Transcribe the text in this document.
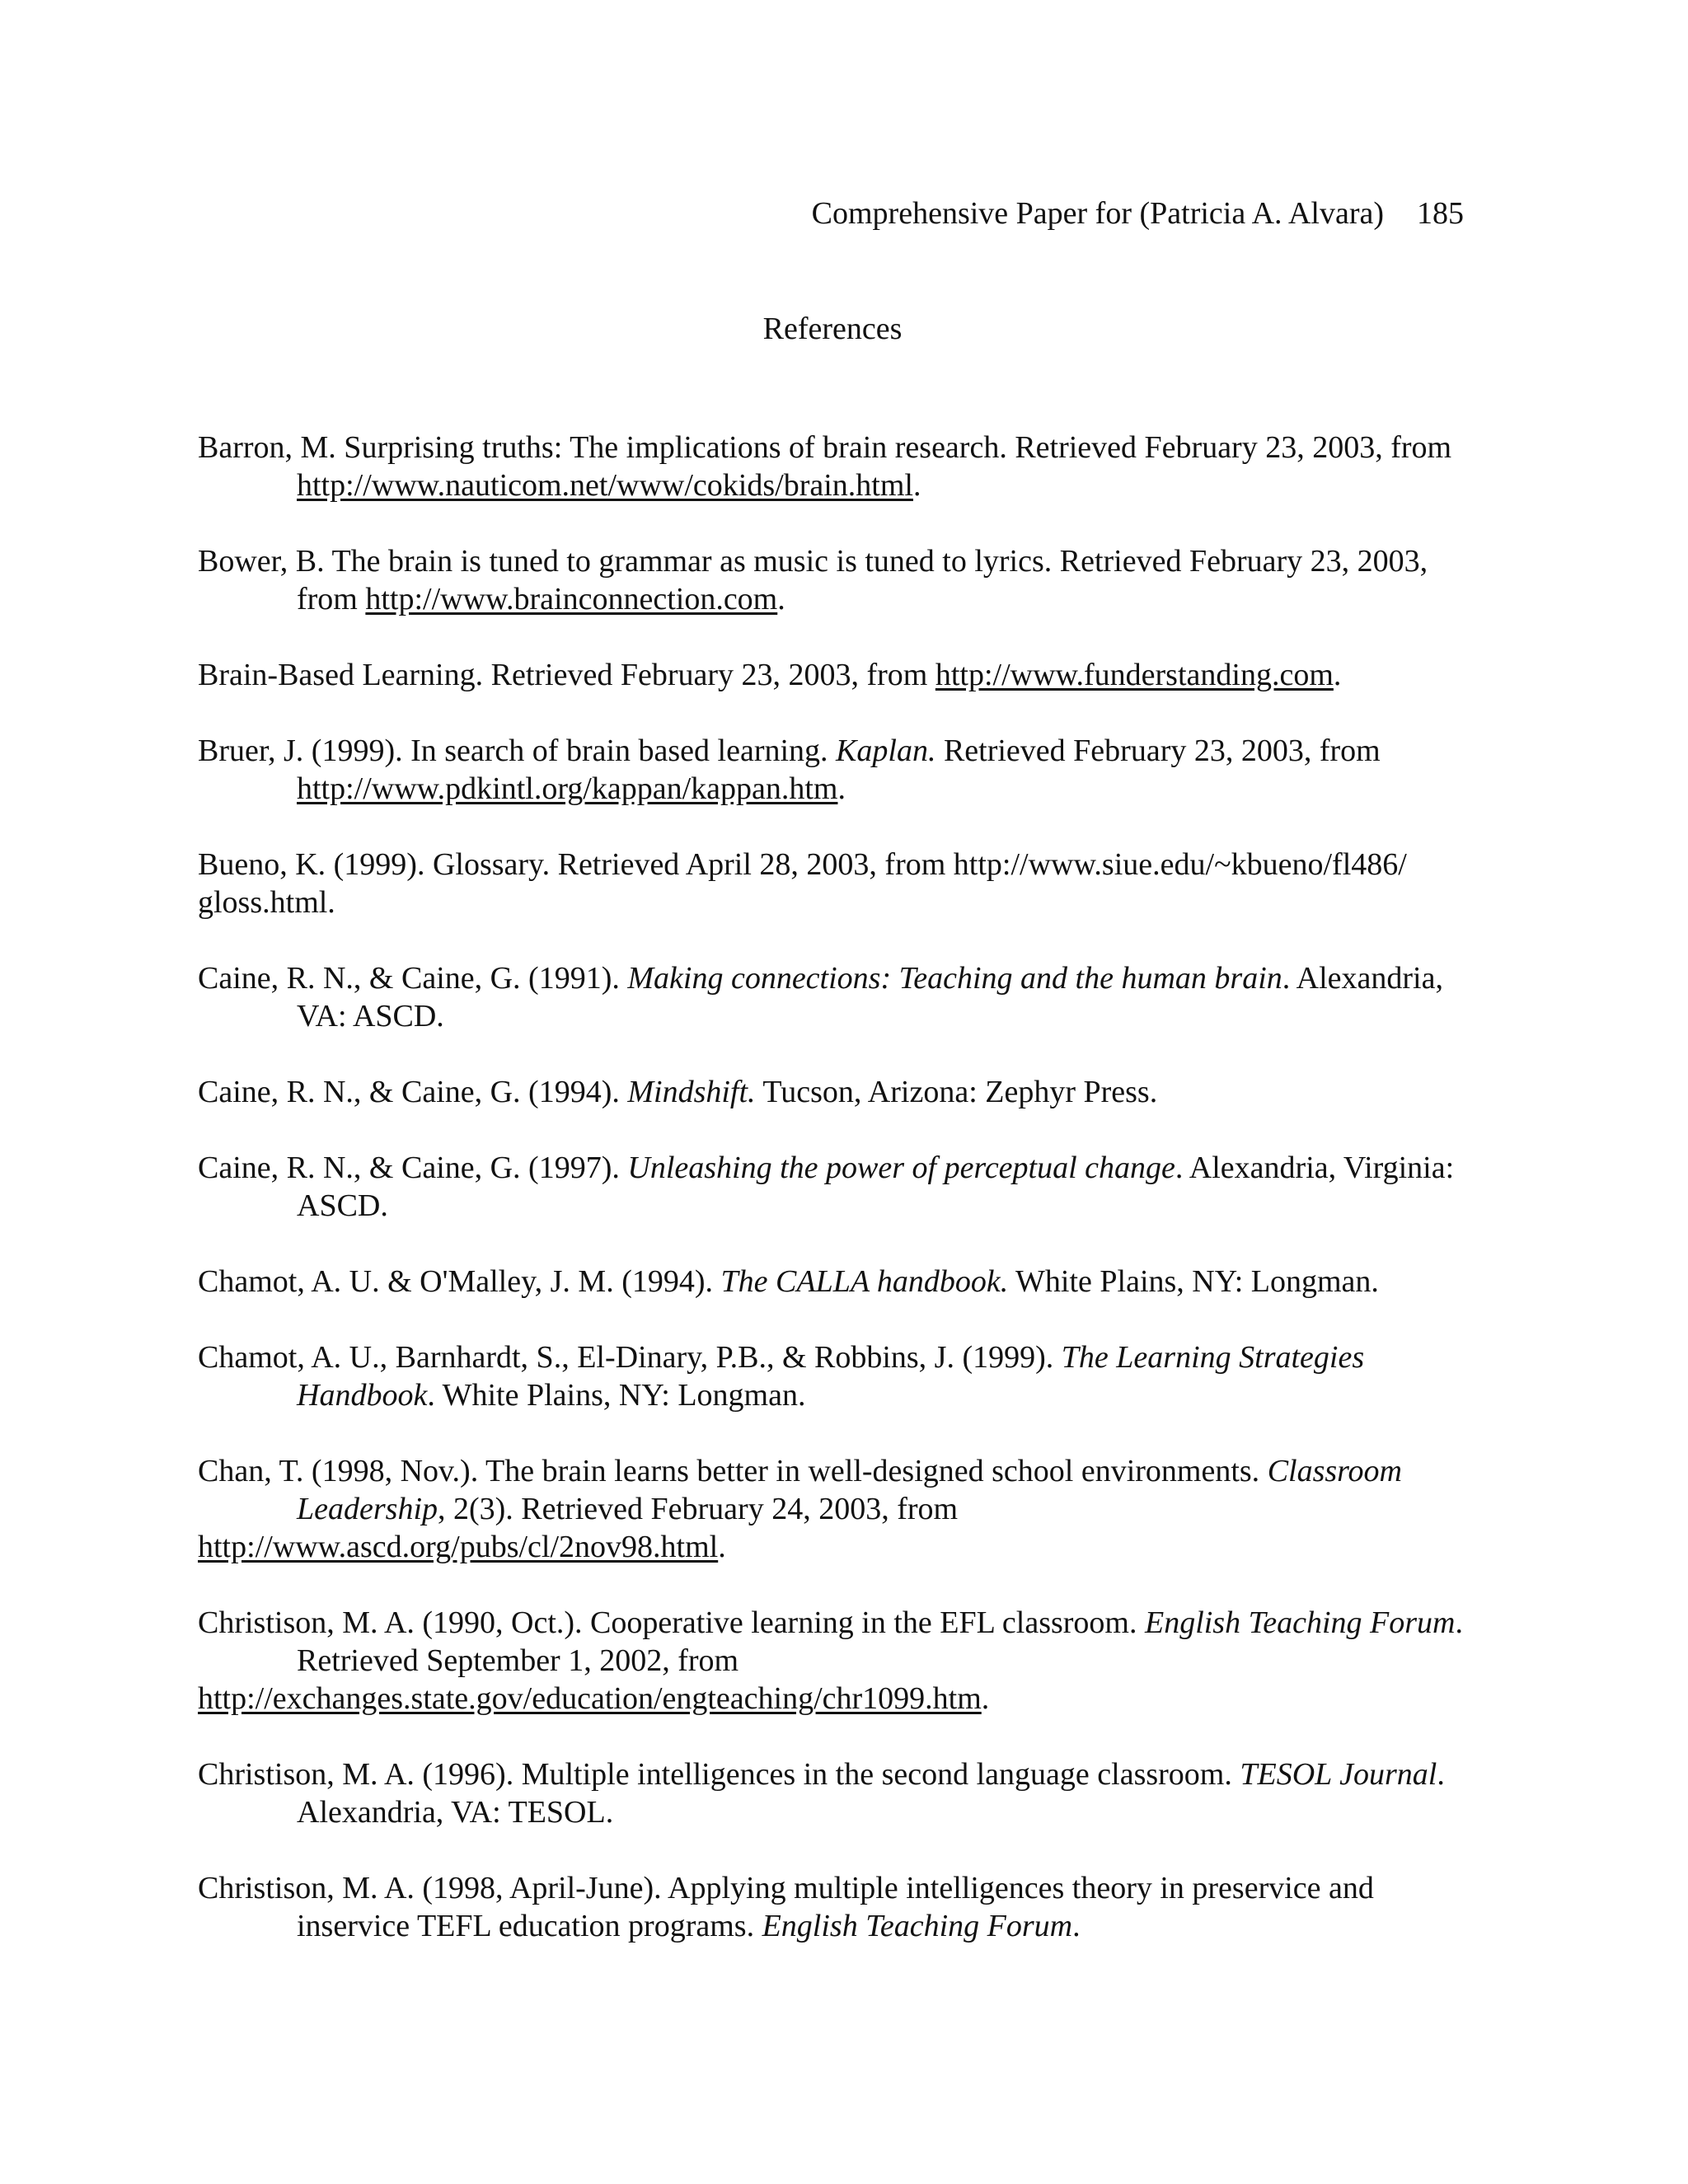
Comprehensive Paper for (Patricia A. Alvara) 185
References

Barron, M. Surprising truths: The implications of brain research. Retrieved February 23, 2003, from http://www.nauticom.net/www/cokids/brain.html.

Bower, B. The brain is tuned to grammar as music is tuned to lyrics. Retrieved February 23, 2003, from http://www.brainconnection.com.

Brain-Based Learning. Retrieved February 23, 2003, from http://www.funderstanding.com.

Bruer, J. (1999). In search of brain based learning. Kaplan. Retrieved February 23, 2003, from http://www.pdkintl.org/kappan/kappan.htm.

Bueno, K. (1999). Glossary. Retrieved April 28, 2003, from http://www.siue.edu/~kbueno/fl486/
gloss.html.

Caine, R. N., & Caine, G. (1991). Making connections: Teaching and the human brain. Alexandria, VA: ASCD.

Caine, R. N., & Caine, G. (1994). Mindshift. Tucson, Arizona: Zephyr Press.

Caine, R. N., & Caine, G. (1997). Unleashing the power of perceptual change. Alexandria, Virginia: ASCD.

Chamot, A. U. & O'Malley, J. M. (1994). The CALLA handbook. White Plains, NY: Longman.

Chamot, A. U., Barnhardt, S., El-Dinary, P.B., & Robbins, J. (1999). The Learning Strategies Handbook. White Plains, NY: Longman.

Chan, T. (1998, Nov.). The brain learns better in well-designed school environments. Classroom Leadership, 2(3). Retrieved February 24, 2003, from
http://www.ascd.org/pubs/cl/2nov98.html.

Christison, M. A. (1990, Oct.). Cooperative learning in the EFL classroom. English Teaching Forum. Retrieved September 1, 2002, from
http://exchanges.state.gov/education/engteaching/chr1099.htm.

Christison, M. A. (1996). Multiple intelligences in the second language classroom. TESOL Journal. Alexandria, VA: TESOL.

Christison, M. A. (1998, April-June). Applying multiple intelligences theory in preservice and inservice TEFL education programs. English Teaching Forum.
